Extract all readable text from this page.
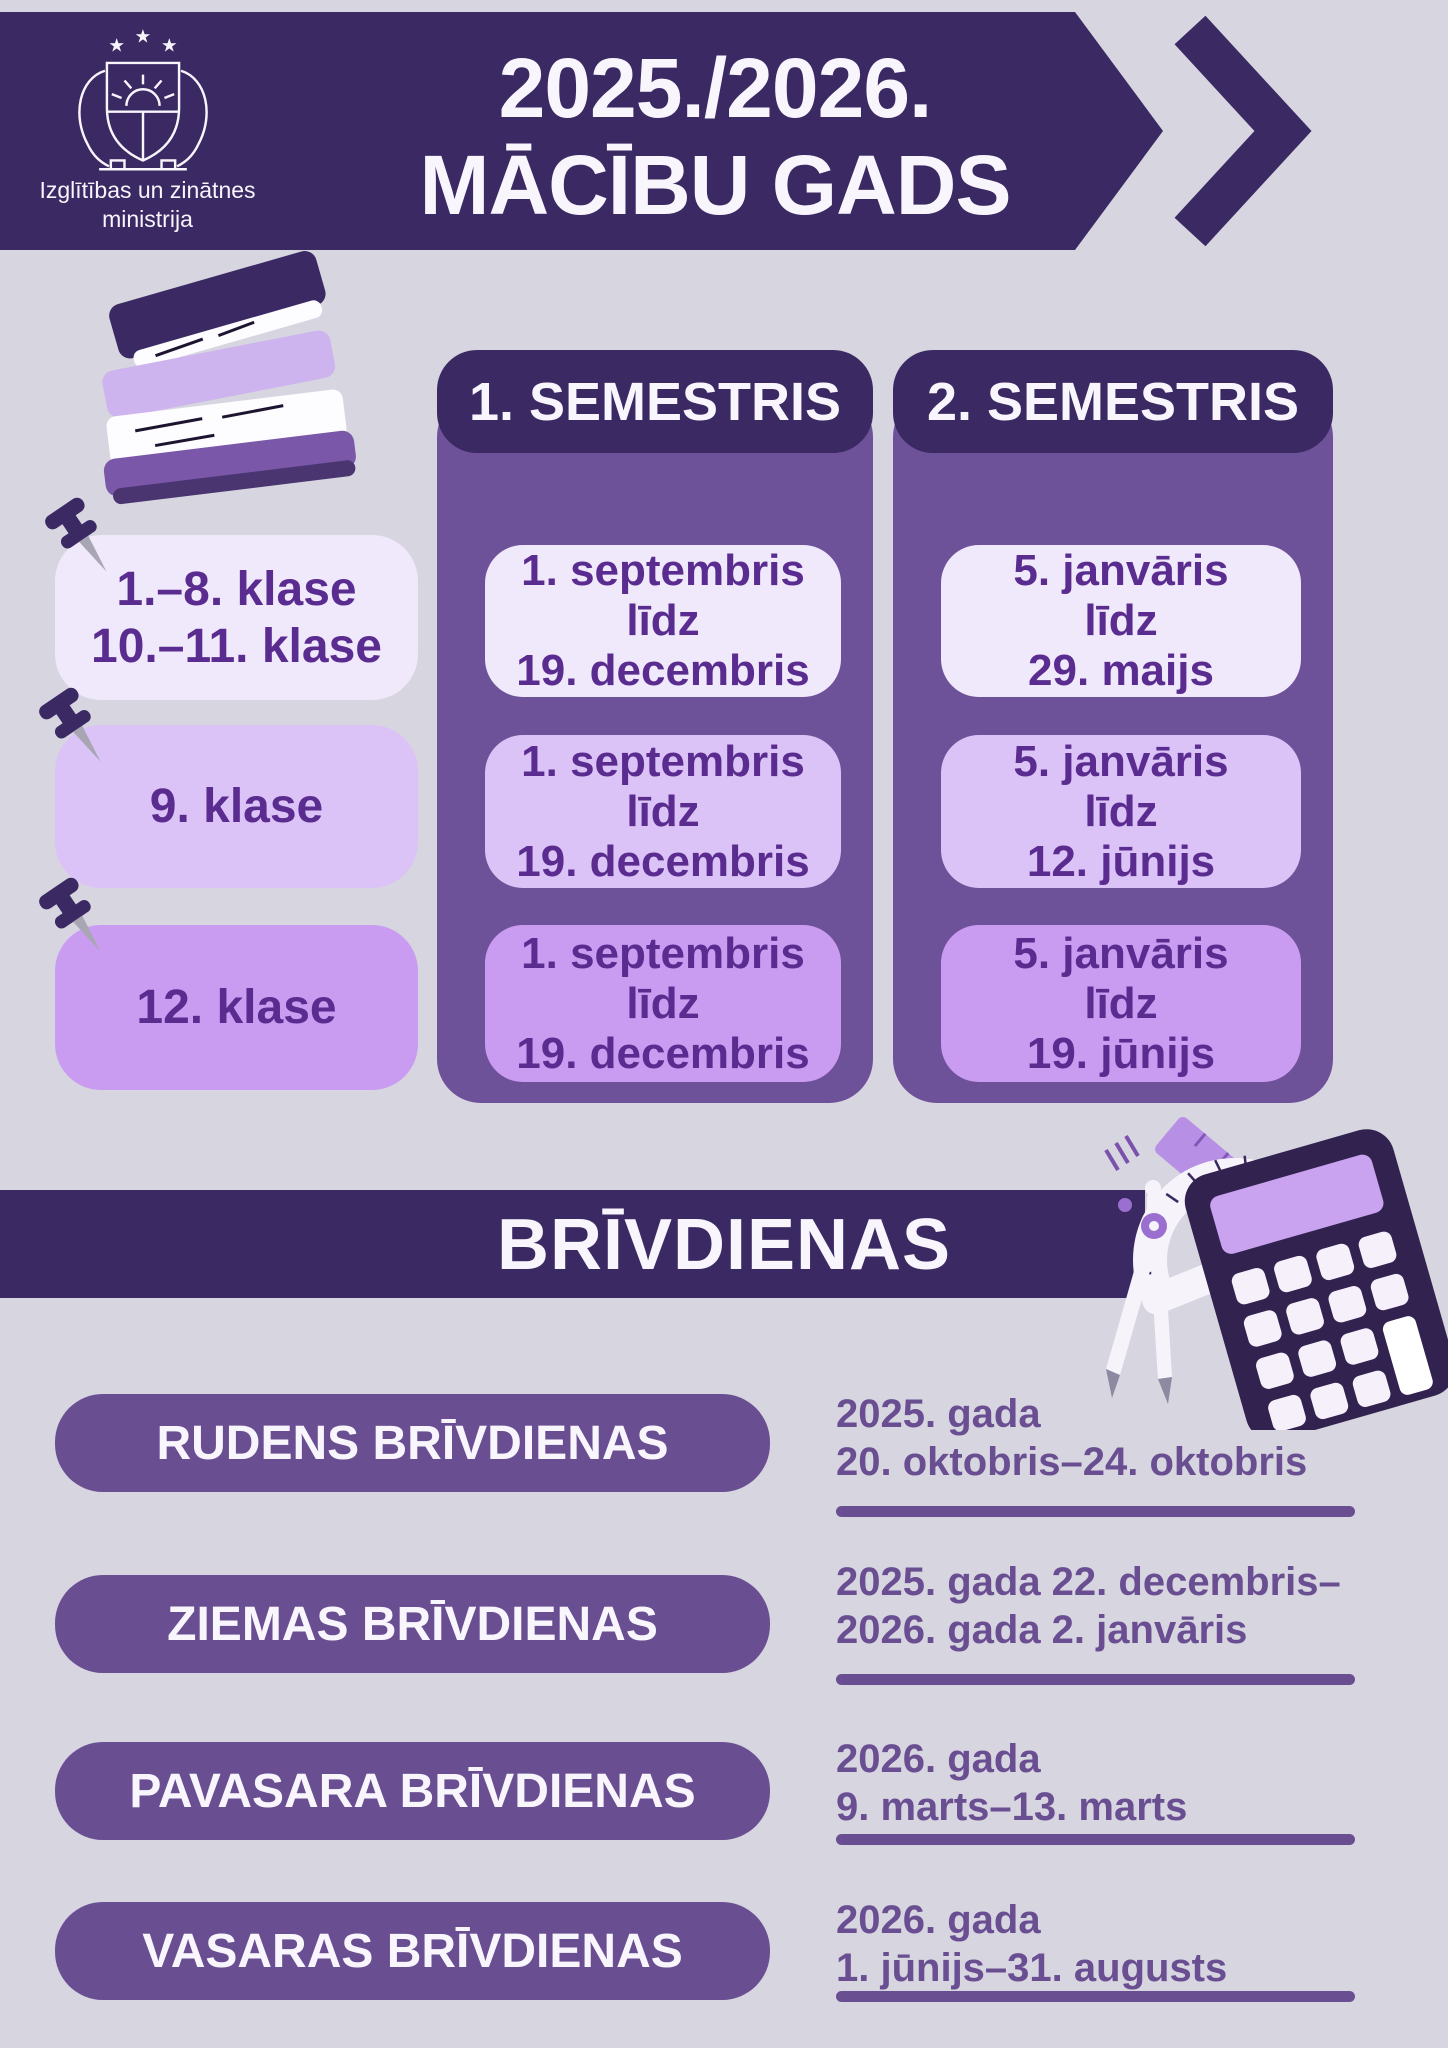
★ ★ ★
Izglītības un zinātnes
ministrija
2025./2026.
MĀCĪBU GADS
1.–8. klase
10.–11. klase
9. klase
12. klase
1. SEMESTRIS 2. SEMESTRIS
1. septembris
līdz
19. decembris
1. septembris
līdz
19. decembris
1. septembris
līdz
19. decembris
5. janvāris
līdz
29. maijs
5. janvāris
līdz
12. jūnijs
5. janvāris
līdz
19. jūnijs
BRĪVDIENAS
RUDENS BRĪVDIENAS
2025. gada
20. oktobris–24. oktobris
ZIEMAS BRĪVDIENAS
2025. gada 22. decembris–
2026. gada 2. janvāris
PAVASARA BRĪVDIENAS
2026. gada
9. marts–13. marts
VASARAS BRĪVDIENAS
2026. gada
1. jūnijs–31. augusts
